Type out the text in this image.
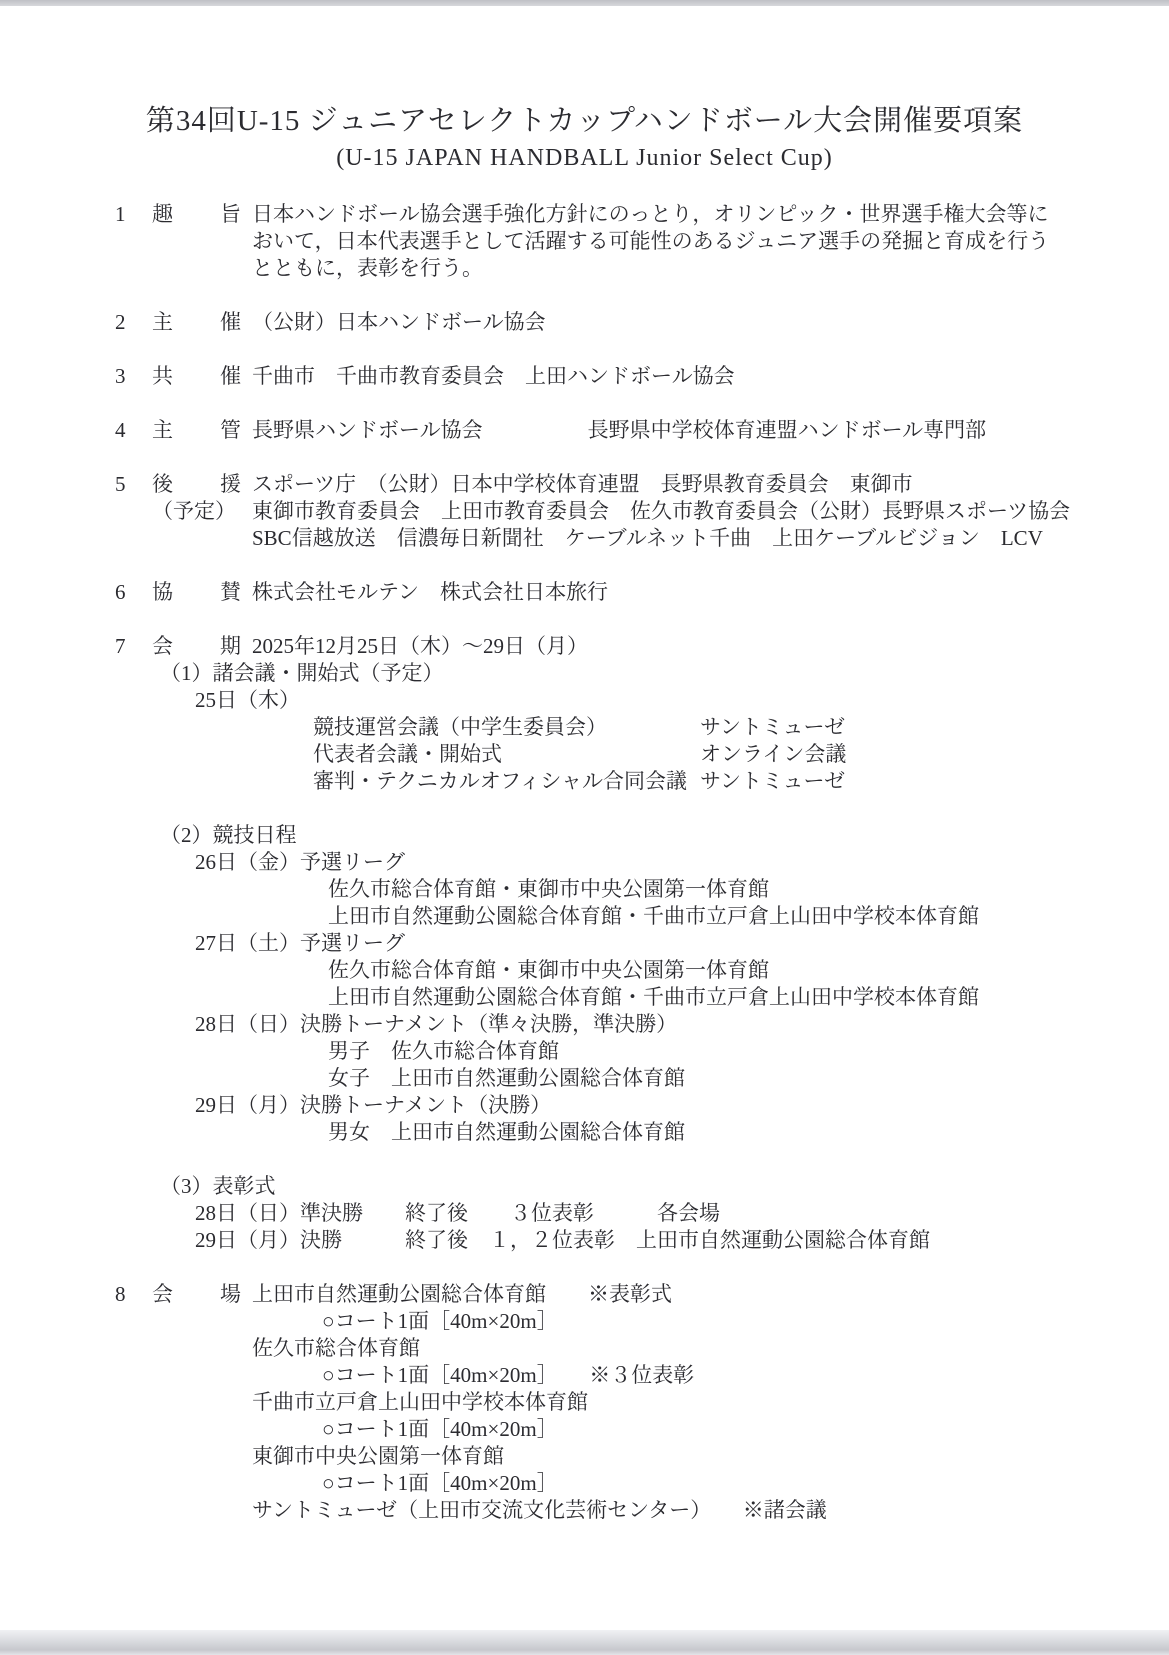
第34回U-15 ジュニアセレクトカップハンドボール大会開催要項案
(U-15 JAPAN HANDBALL Junior Select Cup)
1 趣旨日本ハンドボール協会選手強化方針にのっとり，オリンピック・世界選手権大会等に
おいて，日本代表選手として活躍する可能性のあるジュニア選手の発掘と育成を行う
とともに，表彰を行う。
2 主催（公財）日本ハンドボール協会
3 共催千曲市　千曲市教育委員会　上田ハンドボール協会
4 主管長野県ハンドボール協会　　　　　長野県中学校体育連盟ハンドボール専門部
5 後援スポーツ庁　（公財）日本中学校体育連盟　長野県教育委員会　東御市
（予定） 東御市教育委員会　上田市教育委員会　佐久市教育委員会（公財）長野県スポーツ協会
SBC信越放送　信濃毎日新聞社　ケーブルネット千曲　上田ケーブルビジョン　LCV
6 協賛株式会社モルテン　株式会社日本旅行
7 会期2025年12月25日（木）～29日（月）
（1）諸会議・開始式（予定）
25日（木）
競技運営会議（中学生委員会）	サントミューゼ
代表者会議・開始式	オンライン会議
審判・テクニカルオフィシャル合同会議 サントミューゼ
（2）競技日程
26日（金）予選リーグ
佐久市総合体育館・東御市中央公園第一体育館
上田市自然運動公園総合体育館・千曲市立戸倉上山田中学校本体育館
27日（土）予選リーグ
佐久市総合体育館・東御市中央公園第一体育館
上田市自然運動公園総合体育館・千曲市立戸倉上山田中学校本体育館
28日（日）決勝トーナメント（準々決勝，準決勝）
男子　佐久市総合体育館
女子　上田市自然運動公園総合体育館
29日（月）決勝トーナメント（決勝）
男女　上田市自然運動公園総合体育館
（3）表彰式
28日（日）準決勝　　終了後　　３位表彰　　　各会場
29日（月）決勝　　　終了後　１，２位表彰　上田市自然運動公園総合体育館
8 会場上田市自然運動公園総合体育館　　※表彰式
○コート1面［40m×20m］
佐久市総合体育館
○コート1面［40m×20m］　　※３位表彰
千曲市立戸倉上山田中学校本体育館
○コート1面［40m×20m］
東御市中央公園第一体育館
○コート1面［40m×20m］
サントミューゼ（上田市交流文化芸術センター）　　※諸会議
